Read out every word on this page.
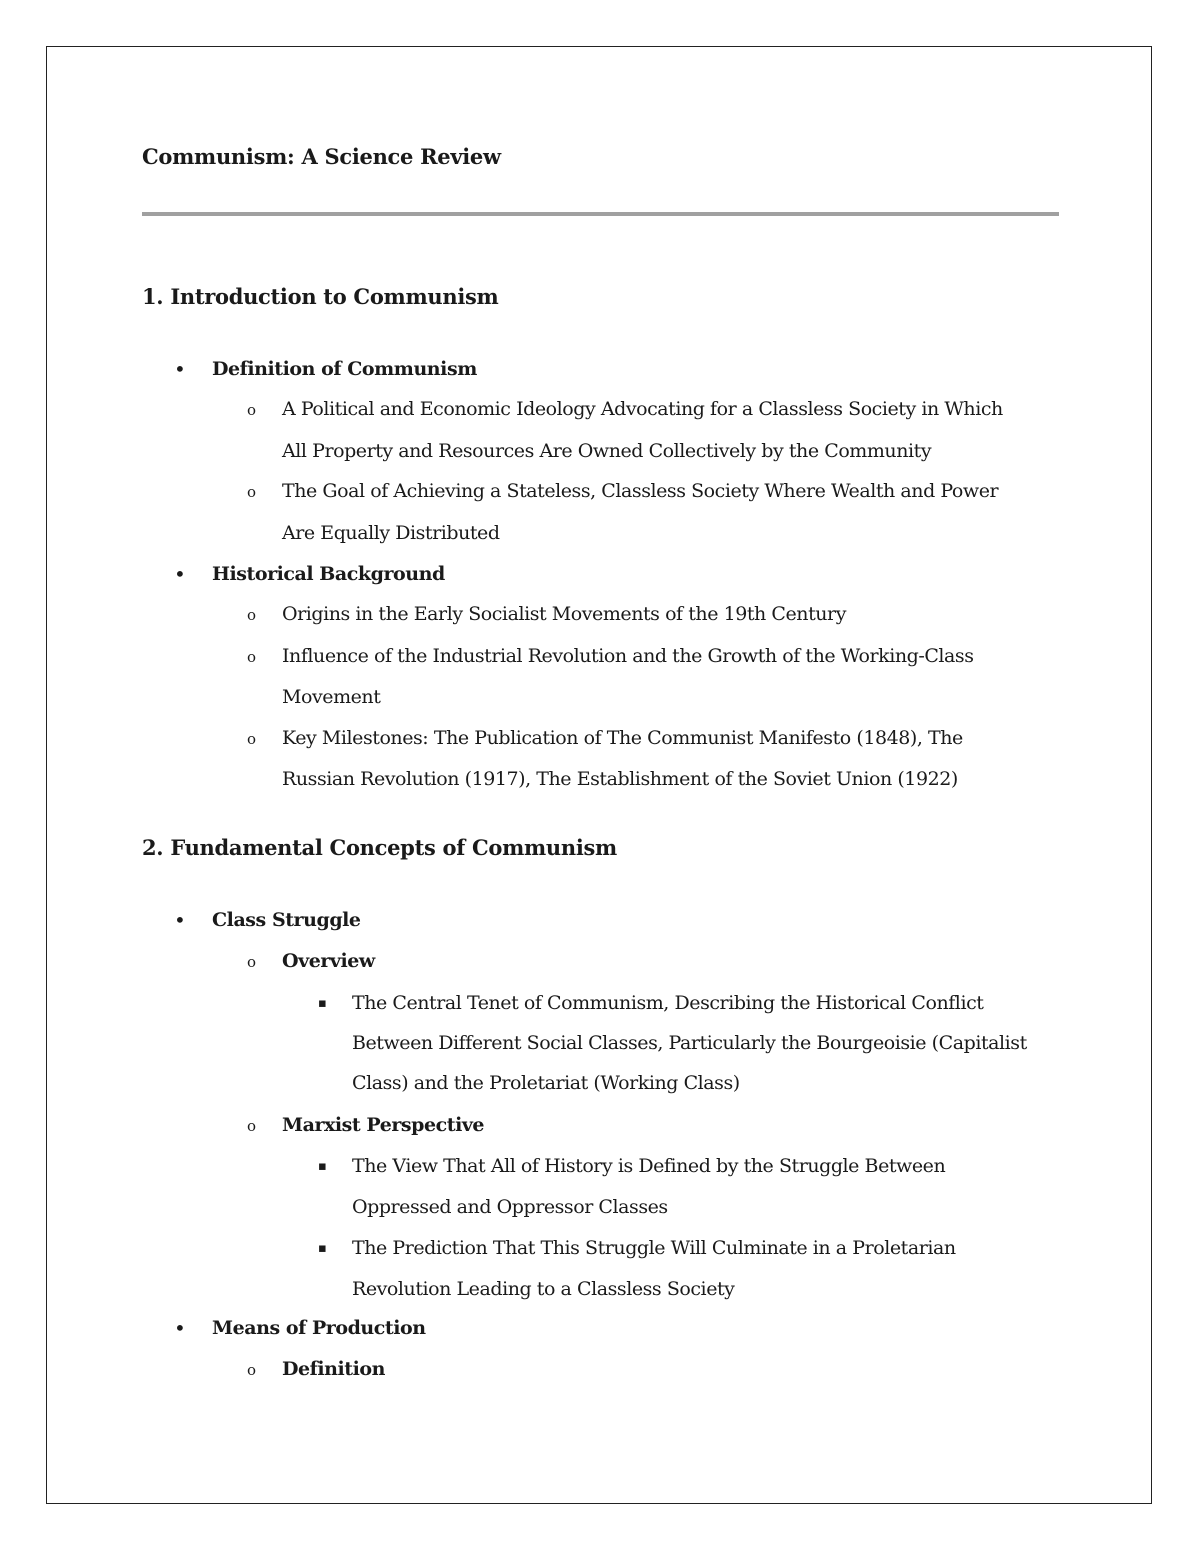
Communism: A Science Review
1. Introduction to Communism
• Definition of Communism
o A Political and Economic Ideology Advocating for a Classless Society in Which
All Property and Resources Are Owned Collectively by the Community
o The Goal of Achieving a Stateless, Classless Society Where Wealth and Power
Are Equally Distributed
• Historical Background
o Origins in the Early Socialist Movements of the 19th Century
o Influence of the Industrial Revolution and the Growth of the Working-Class
Movement
o Key Milestones: The Publication of The Communist Manifesto (1848), The
Russian Revolution (1917), The Establishment of the Soviet Union (1922)
2. Fundamental Concepts of Communism
• Class Struggle
o Overview
▪ The Central Tenet of Communism, Describing the Historical Conflict
Between Different Social Classes, Particularly the Bourgeoisie (Capitalist
Class) and the Proletariat (Working Class)
o Marxist Perspective
▪ The View That All of History is Defined by the Struggle Between
Oppressed and Oppressor Classes
▪ The Prediction That This Struggle Will Culminate in a Proletarian
Revolution Leading to a Classless Society
• Means of Production
o Definition
